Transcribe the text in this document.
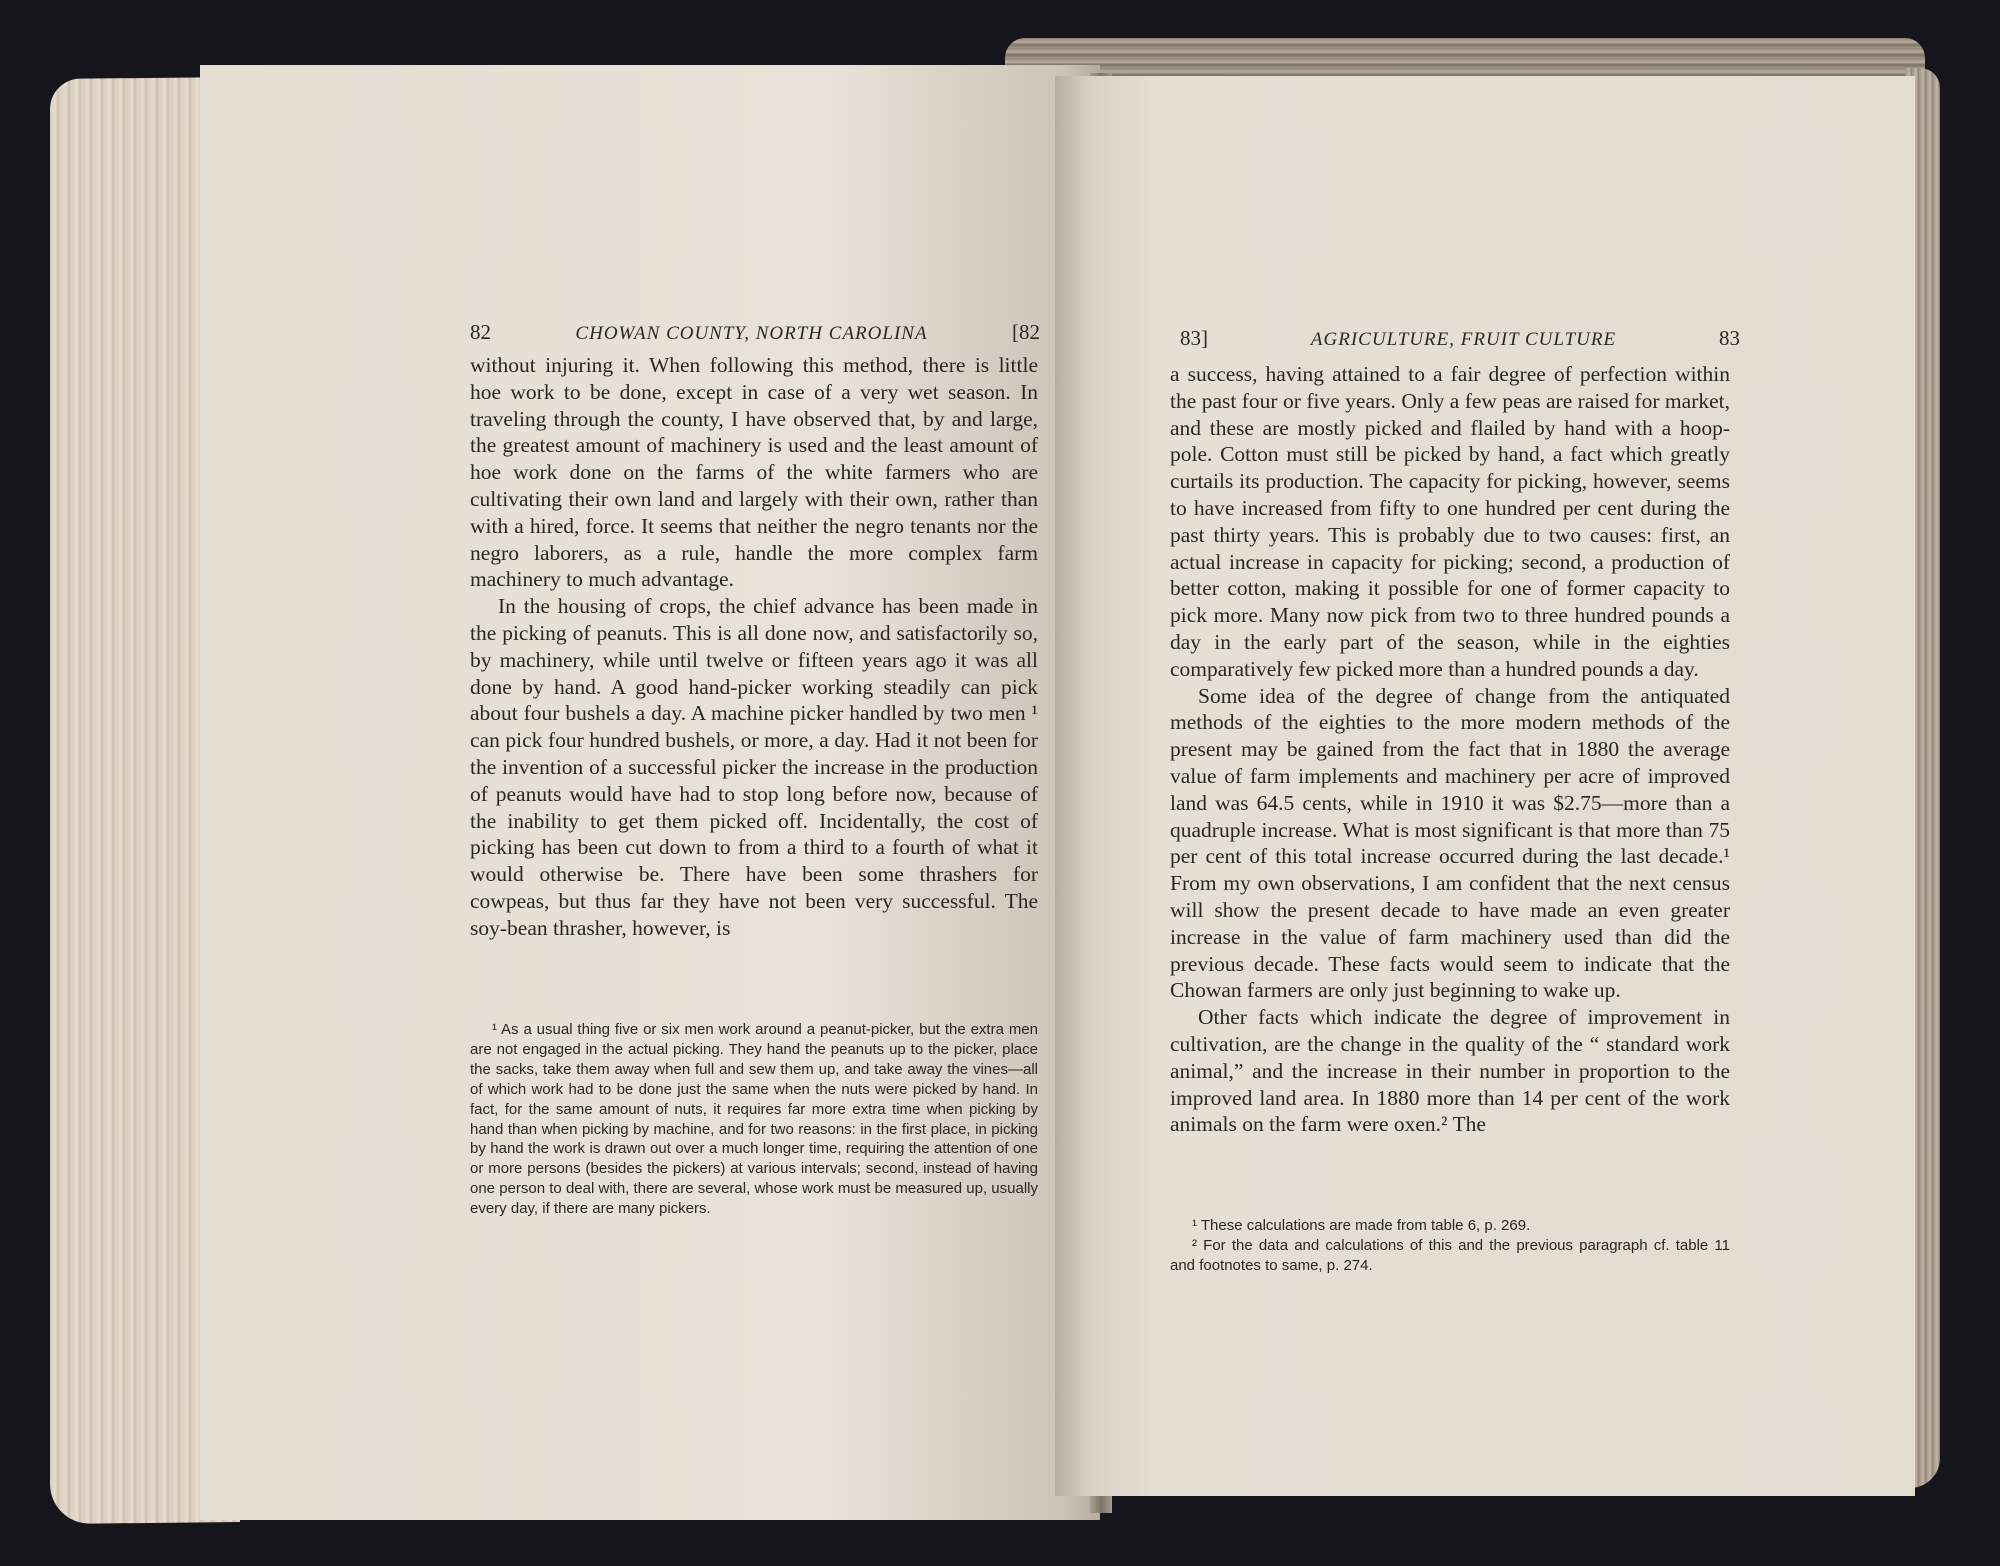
82	CHOWAN COUNTY, NORTH CAROLINA	[82

without injuring it. When following this method, there is little hoe work to be done, except in case of a very wet season. In traveling through the county, I have observed that, by and large, the greatest amount of machinery is used and the least amount of hoe work done on the farms of the white farmers who are cultivating their own land and largely with their own, rather than with a hired, force. It seems that neither the negro tenants nor the negro laborers, as a rule, handle the more complex farm machinery to much advantage.

In the housing of crops, the chief advance has been made in the picking of peanuts. This is all done now, and satisfactorily so, by machinery, while until twelve or fifteen years ago it was all done by hand. A good hand-picker working steadily can pick about four bushels a day. A machine picker handled by two men ¹ can pick four hundred bushels, or more, a day. Had it not been for the invention of a successful picker the increase in the production of peanuts would have had to stop long before now, because of the inability to get them picked off. Incidentally, the cost of picking has been cut down to from a third to a fourth of what it would otherwise be. There have been some thrashers for cowpeas, but thus far they have not been very successful. The soy-bean thrasher, however, is

¹ As a usual thing five or six men work around a peanut-picker, but the extra men are not engaged in the actual picking. They hand the peanuts up to the picker, place the sacks, take them away when full and sew them up, and take away the vines—all of which work had to be done just the same when the nuts were picked by hand. In fact, for the same amount of nuts, it requires far more extra time when picking by hand than when picking by machine, and for two reasons: in the first place, in picking by hand the work is drawn out over a much longer time, requiring the attention of one or more persons (besides the pickers) at various intervals; second, instead of having one person to deal with, there are several, whose work must be measured up, usually every day, if there are many pickers.

83]	AGRICULTURE, FRUIT CULTURE	83

a success, having attained to a fair degree of perfection within the past four or five years. Only a few peas are raised for market, and these are mostly picked and flailed by hand with a hoop-pole. Cotton must still be picked by hand, a fact which greatly curtails its production. The capacity for picking, however, seems to have increased from fifty to one hundred per cent during the past thirty years. This is probably due to two causes: first, an actual increase in capacity for picking; second, a production of better cotton, making it possible for one of former capacity to pick more. Many now pick from two to three hundred pounds a day in the early part of the season, while in the eighties comparatively few picked more than a hundred pounds a day.

Some idea of the degree of change from the antiquated methods of the eighties to the more modern methods of the present may be gained from the fact that in 1880 the average value of farm implements and machinery per acre of improved land was 64.5 cents, while in 1910 it was $2.75—more than a quadruple increase. What is most significant is that more than 75 per cent of this total increase occurred during the last decade.¹ From my own observations, I am confident that the next census will show the present decade to have made an even greater increase in the value of farm machinery used than did the previous decade. These facts would seem to indicate that the Chowan farmers are only just beginning to wake up.

Other facts which indicate the degree of improvement in cultivation, are the change in the quality of the “ standard work animal,” and the increase in their number in proportion to the improved land area. In 1880 more than 14 per cent of the work animals on the farm were oxen.² The

¹ These calculations are made from table 6, p. 269.

² For the data and calculations of this and the previous paragraph cf. table 11 and footnotes to same, p. 274.
